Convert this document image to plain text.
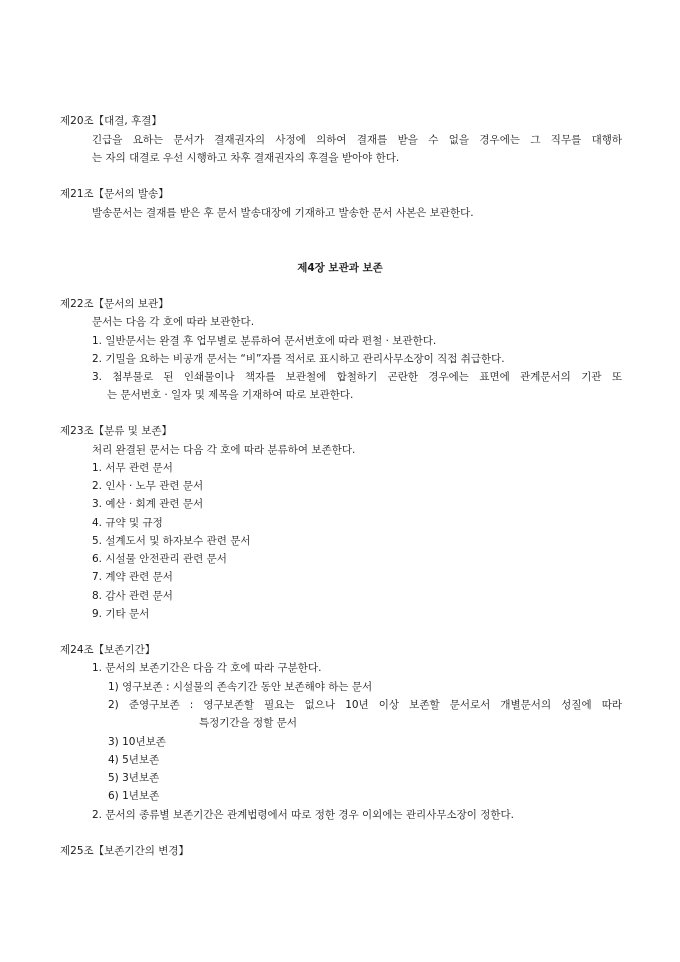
제20조【대결, 후결】
긴급을 요하는 문서가 결재권자의 사정에 의하여 결재를 받을 수 없을 경우에는 그 직무를 대행하
는 자의 대결로 우선 시행하고 차후 결재권자의 후결을 받아야 한다.
제21조【문서의 발송】
발송문서는 결재를 받은 후 문서 발송대장에 기재하고 발송한 문서 사본은 보관한다.
제4장 보관과 보존
제22조【문서의 보관】
문서는 다음 각 호에 따라 보관한다.
1. 일반문서는 완결 후 업무별로 분류하여 문서번호에 따라 편철 · 보관한다.
2. 기밀을 요하는 비공개 문서는 “비”자를 적서로 표시하고 관리사무소장이 직접 취급한다.
3. 첨부물로 된 인쇄물이나 책자를 보관철에 합철하기 곤란한 경우에는 표면에 관계문서의 기관 또
는 문서번호 · 일자 및 제목을 기재하여 따로 보관한다.
제23조【분류 및 보존】
처리 완결된 문서는 다음 각 호에 따라 분류하여 보존한다.
1. 서무 관련 문서
2. 인사 · 노무 관련 문서
3. 예산 · 회계 관련 문서
4. 규약 및 규정
5. 설계도서 및 하자보수 관련 문서
6. 시설물 안전관리 관련 문서
7. 계약 관련 문서
8. 감사 관련 문서
9. 기타 문서
제24조【보존기간】
1. 문서의 보존기간은 다음 각 호에 따라 구분한다.
1) 영구보존 : 시설물의 존속기간 동안 보존해야 하는 문서
2) 준영구보존 : 영구보존할 필요는 없으나 10년 이상 보존할 문서로서 개별문서의 성질에 따라
특정기간을 정할 문서
3) 10년보존
4) 5년보존
5) 3년보존
6) 1년보존
2. 문서의 종류별 보존기간은 관계법령에서 따로 정한 경우 이외에는 관리사무소장이 정한다.
제25조【보존기간의 변경】
